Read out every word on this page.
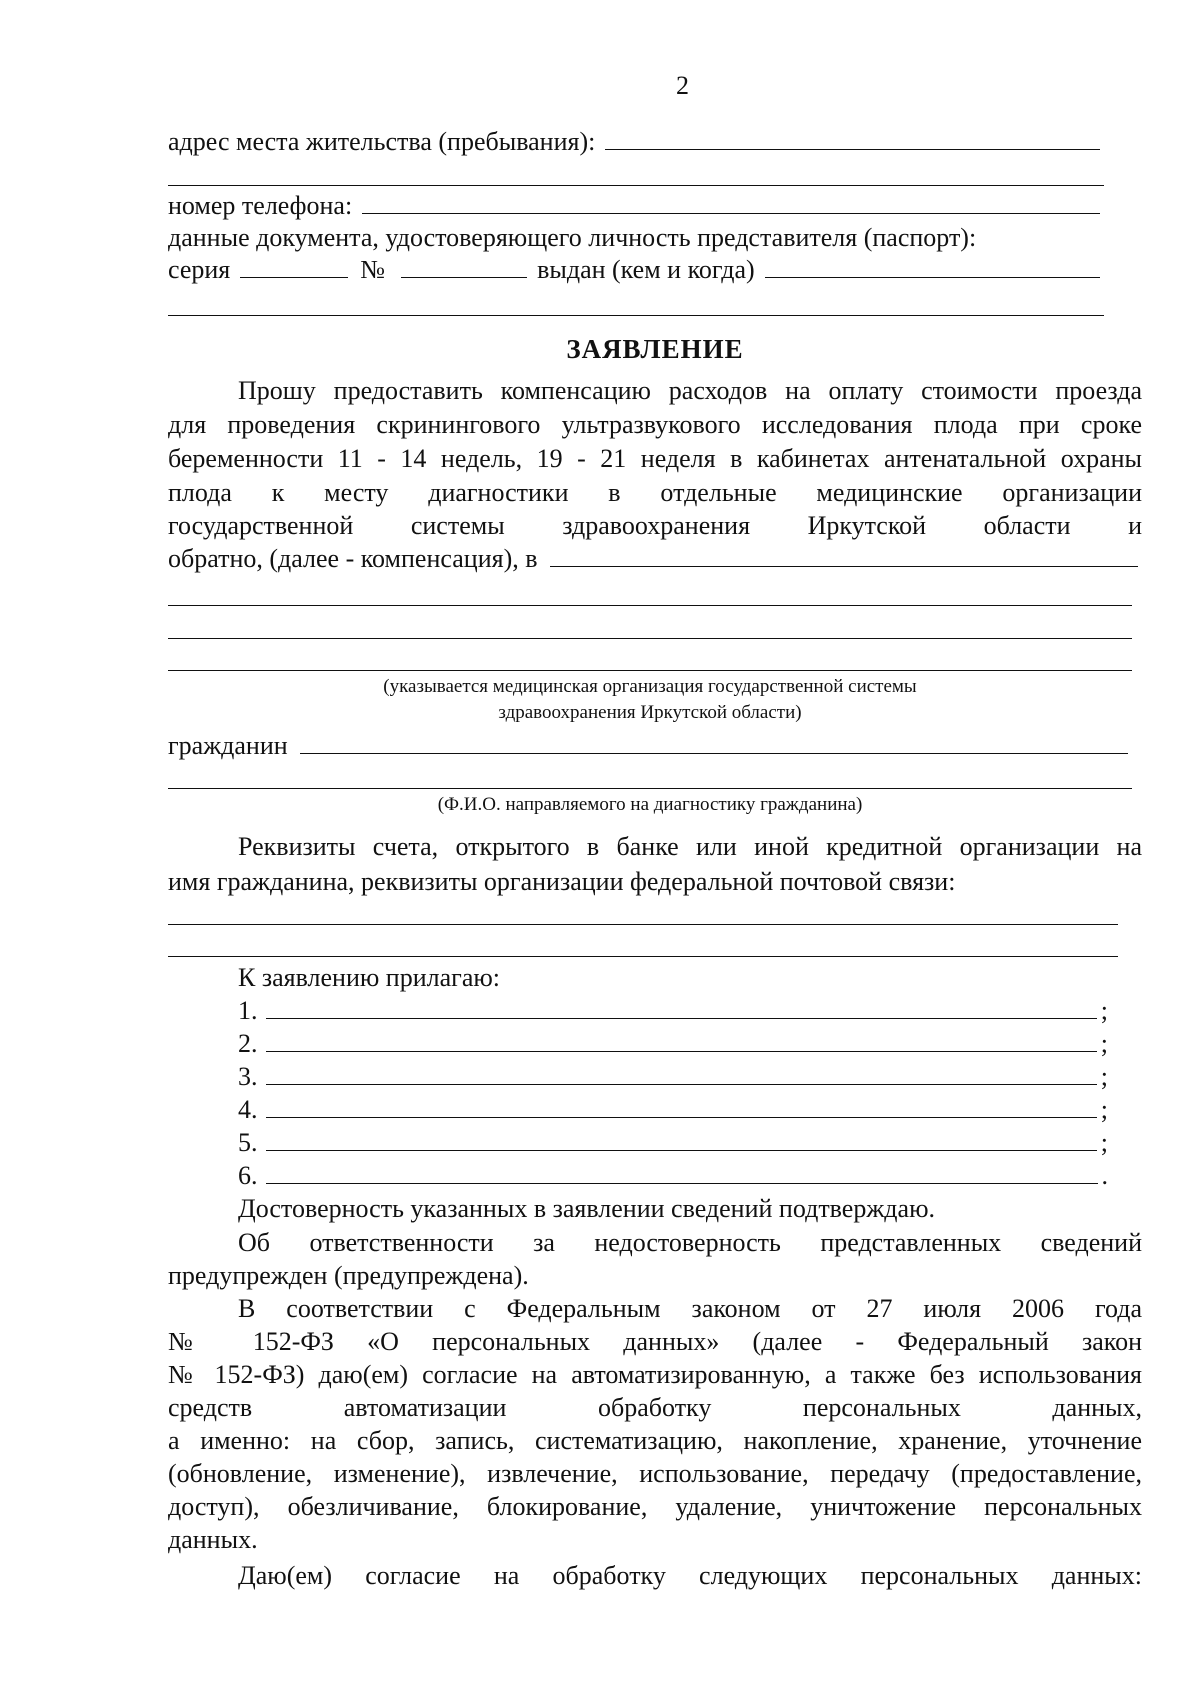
2
адрес места жительства (пребывания):
номер телефона:
данные документа, удостоверяющего личность представителя (паспорт):
серия	№	выдан (кем и когда)
ЗАЯВЛЕНИЕ
Прошу предоставить компенсацию расходов на оплату стоимости проезда
для проведения скринингового ультразвукового исследования плода при сроке
беременности 11 - 14 недель, 19 - 21 неделя в кабинетах антенатальной охраны
плода к месту диагностики в отдельные медицинские организации
государственной системы здравоохранения Иркутской области и
обратно, (далее - компенсация), в
(указывается медицинская организация государственной системы
здравоохранения Иркутской области)
гражданин
(Ф.И.О. направляемого на диагностику гражданина)
Реквизиты счета, открытого в банке или иной кредитной организации на
имя гражданина, реквизиты организации федеральной почтовой связи:
К заявлению прилагаю:
1.	;
2.	;
3.	;
4.	;
5.	;
6.	.
Достоверность указанных в заявлении сведений подтверждаю.
Об ответственности за недостоверность представленных сведений
предупрежден (предупреждена).
В соответствии с Федеральным законом от 27 июля 2006 года
№ 152-ФЗ «О персональных данных» (далее - Федеральный закон
№ 152-ФЗ) даю(ем) согласие на автоматизированную, а также без использования
средств автоматизации обработку персональных данных,
а именно: на сбор, запись, систематизацию, накопление, хранение, уточнение
(обновление, изменение), извлечение, использование, передачу (предоставление,
доступ), обезличивание, блокирование, удаление, уничтожение персональных
данных.
Даю(ем) согласие на обработку следующих персональных данных:
